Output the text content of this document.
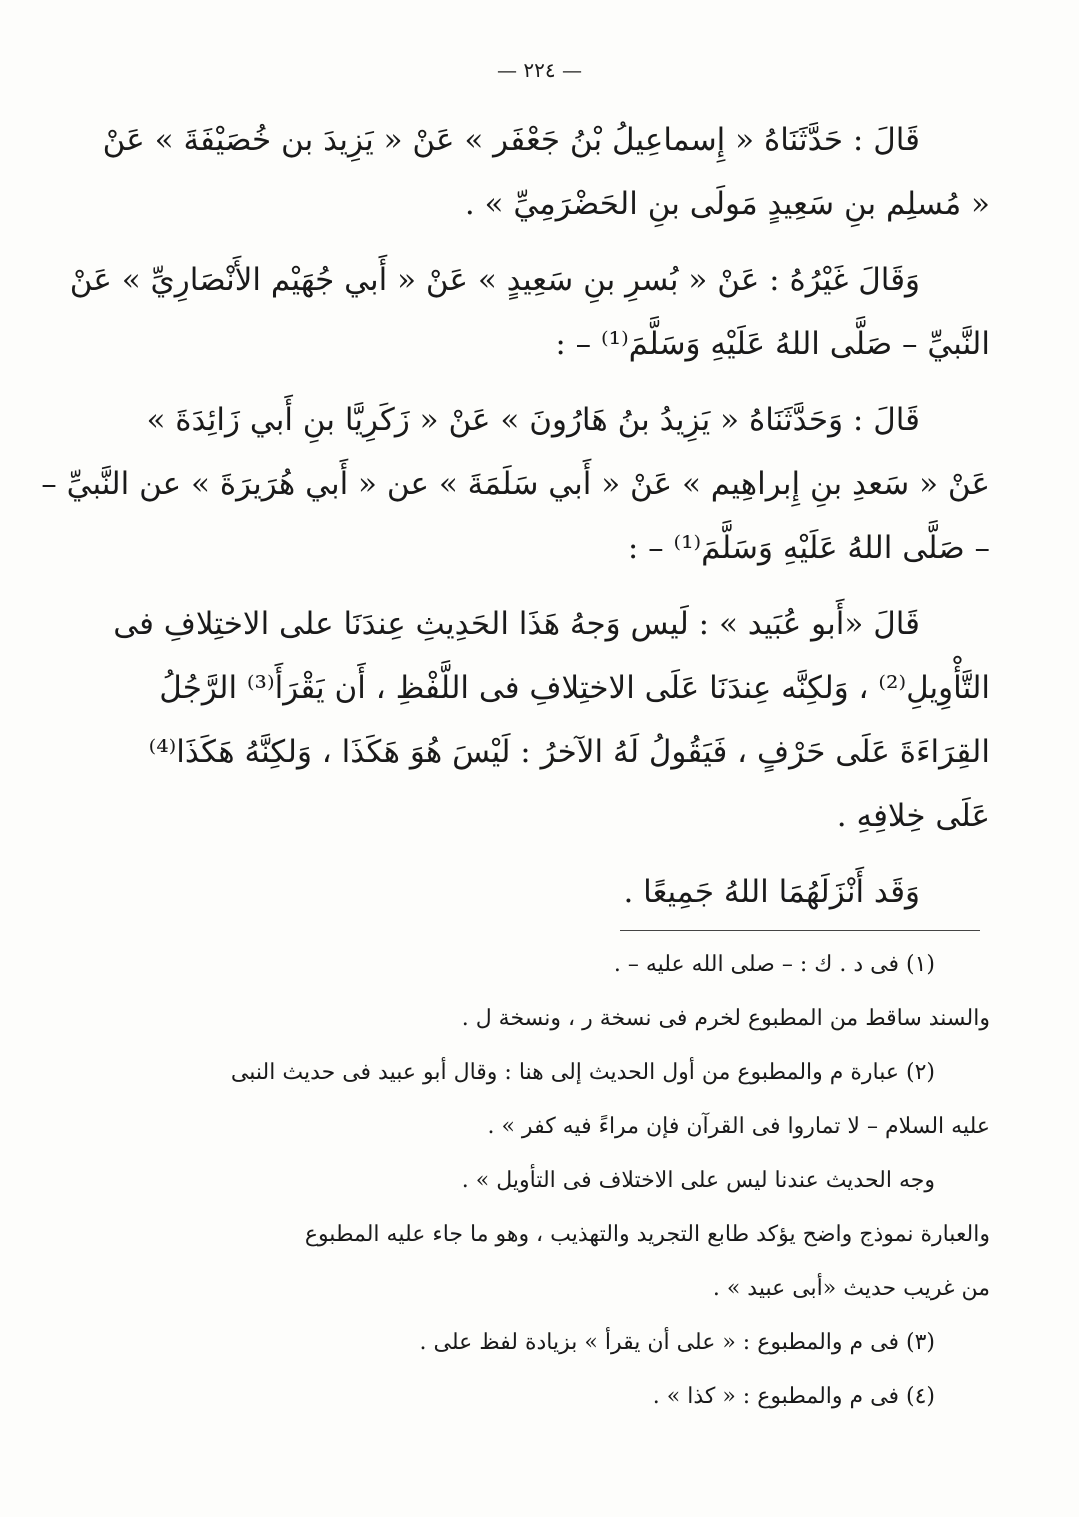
— ٢٢٤ —

قَالَ : حَدَّثَنَاهُ « إِسماعِيلُ بْنُ جَعْفَر » عَنْ « يَزِيدَ بن خُصَيْفَةَ » عَنْ
« مُسلِم بنِ سَعِيدٍ مَولَى بنِ الحَضْرَمِيِّ » .

وَقَالَ غَيْرُهُ : عَنْ « بُسرِ بنِ سَعِيدٍ » عَنْ « أَبي جُهَيْم الأَنْصَارِيِّ » عَنْ
النَّبيِّ – صَلَّى اللهُ عَلَيْهِ وَسَلَّمَ⁽¹⁾ – :

قَالَ : وَحَدَّثَنَاهُ « يَزِيدُ بنُ هَارُونَ » عَنْ « زَكَرِيَّا بنِ أَبي زَائِدَةَ »
عَنْ « سَعدِ بنِ إِبراهِيم » عَنْ « أَبي سَلَمَةَ » عن « أَبي هُرَيرَةَ » عن النَّبيِّ –
– صَلَّى اللهُ عَلَيْهِ وَسَلَّمَ⁽¹⁾ – :

قَالَ «أَبو عُبَيد » : لَيس وَجهُ هَذَا الحَدِيثِ عِندَنَا على الاختِلافِ فى
التَّأْوِيلِ⁽²⁾ ، وَلكِنَّه عِندَنَا عَلَى الاختِلافِ فى اللَّفْظِ ، أَن يَقْرَأَ⁽³⁾ الرَّجُلُ
القِرَاءَةَ عَلَى حَرْفٍ ، فَيَقُولُ لَهُ الآخرُ : لَيْسَ هُوَ هَكَذَا ، وَلكِنَّهُ هَكَذَا⁽⁴⁾
عَلَى خِلافِهِ .

وَقَد أَنْزَلَهُمَا اللهُ جَمِيعًا .

(١) فى د . ك : – صلى الله عليه – .

والسند ساقط من المطبوع لخرم فى نسخة ر ، ونسخة ل .

(٢) عبارة م والمطبوع من أول الحديث إلى هنا : وقال أبو عبيد فى حديث النبى

عليه السلام – لا تماروا فى القرآن فإن مراءً فيه كفر » .

وجه الحديث عندنا ليس على الاختلاف فى التأويل » .

والعبارة نموذج واضح يؤكد طابع التجريد والتهذيب ، وهو ما جاء عليه المطبوع

من غريب حديث «أبى عبيد » .

(٣) فى م والمطبوع : « على أن يقرأ » بزيادة لفظ على .

(٤) فى م والمطبوع : « كذا » .
